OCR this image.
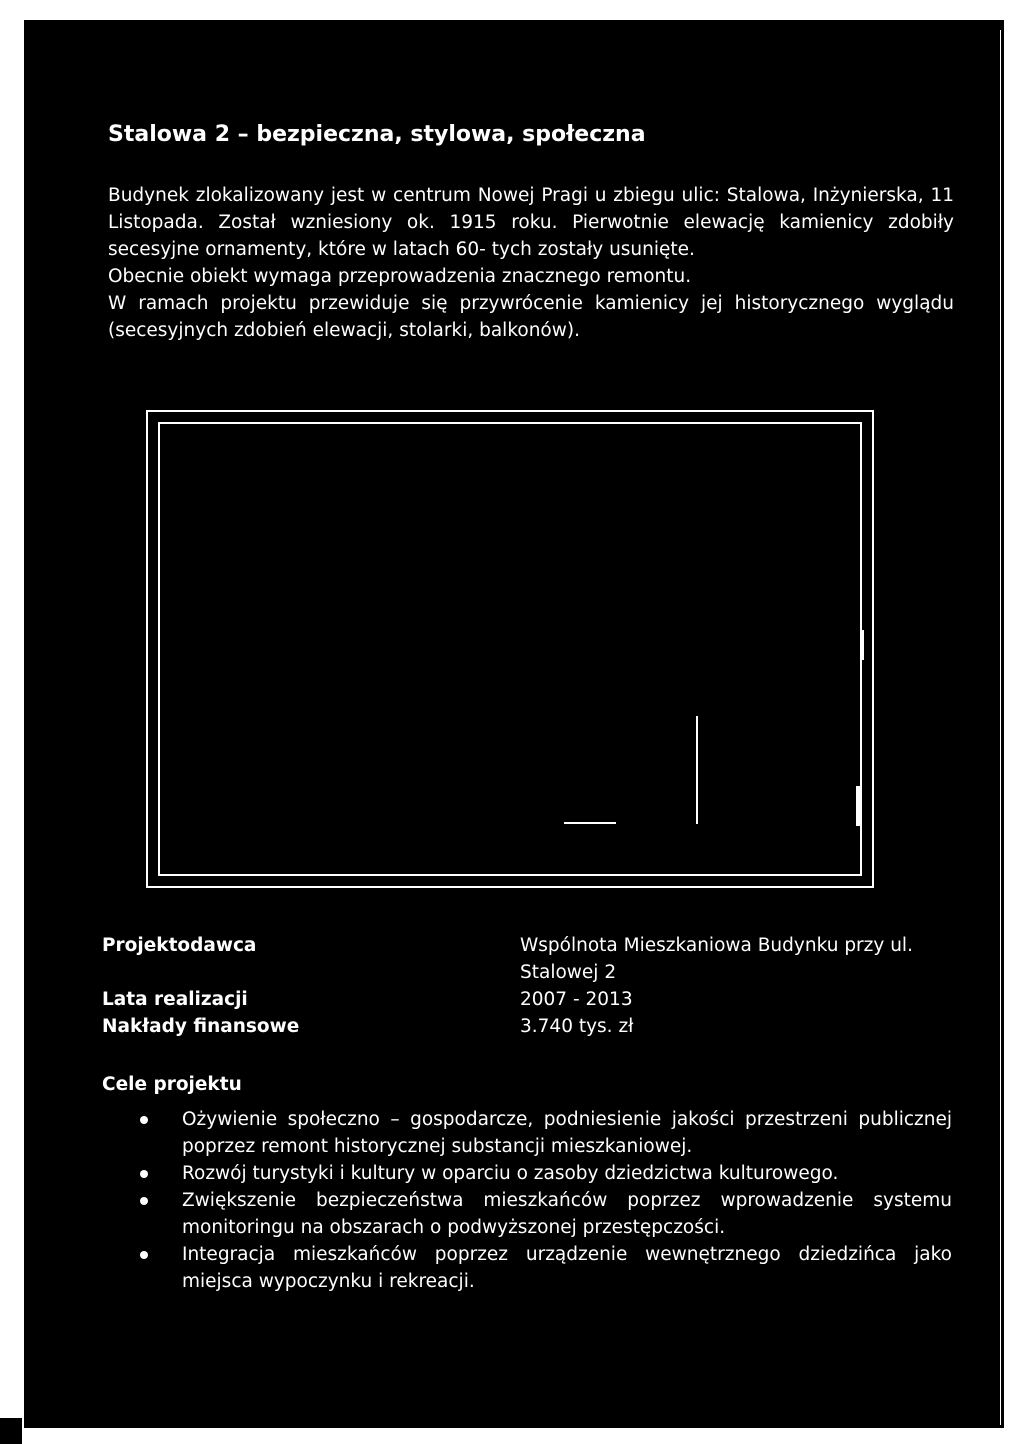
Stalowa 2 – bezpieczna, stylowa, społeczna

Budynek zlokalizowany jest w centrum Nowej Pragi u zbiegu ulic: Stalowa, Inżynierska, 11 Listopada. Został wzniesiony ok. 1915 roku. Pierwotnie elewację kamienicy zdobiły secesyjne ornamenty, które w latach 60- tych zostały usunięte.

Obecnie obiekt wymaga przeprowadzenia znacznego remontu.

W ramach projektu przewiduje się przywrócenie kamienicy jej historycznego wyglądu (secesyjnych zdobień elewacji, stolarki, balkonów).

Projektodawca	Wspólnota Mieszkaniowa Budynku przy ul. Stalowej 2
Lata realizacji	2007 - 2013
Nakłady finansowe	3.740 tys. zł
Cele projektu
Ożywienie społeczno – gospodarcze, podniesienie jakości przestrzeni publicznej poprzez remont historycznej substancji mieszkaniowej.
Rozwój turystyki i kultury w oparciu o zasoby dziedzictwa kulturowego.
Zwiększenie bezpieczeństwa mieszkańców poprzez wprowadzenie systemu monitoringu na obszarach o podwyższonej przestępczości.
Integracja mieszkańców poprzez urządzenie wewnętrznego dziedzińca jako miejsca wypoczynku i rekreacji.
